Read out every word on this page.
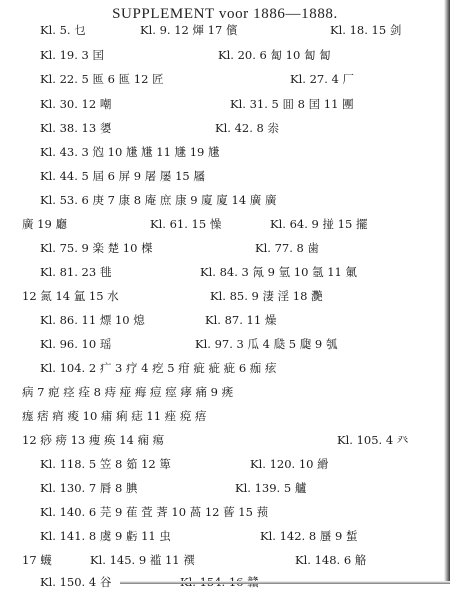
SUPPLEMENT voor 1886—1888.
Kl. 5. 乜	Kl. 9. 12 煇 17 儐	Kl. 18. 15 剑
Kl. 19. 3 囯	Kl. 20. 6 匐 10 匐 匐
Kl. 22. 5 匜 6 匜 12 匠	Kl. 27. 4 厂
Kl. 30. 12 嘲	Kl. 31. 5 囬 8 囯 11 團
Kl. 38. 13 嬃	Kl. 42. 8 尜
Kl. 43. 3 尦 10 尲 尲 11 尲 19 尲
Kl. 44. 5 屆 6 屏 9 屠 屡 15 屩
Kl. 53. 6 庚 7 康 8 庵 庶 康 9 廈 廈 14 廣 廣
廣 19 廳	Kl. 61. 15 懆	Kl. 64. 9 掽 15 擺
Kl. 75. 9 楽 楚 10 榤	Kl. 77. 8 歯
Kl. 81. 23 毴	Kl. 84. 3 氝 9 氫 10 氬 11 氭
12 氮 14 氳 15 水	Kl. 85. 9 淒 淫 18 灧
Kl. 86. 11 熛 10 熄	Kl. 87. 11 燥
Kl. 96. 10 瑶	Kl. 97. 3 瓜 4 瓞 5 瓟 9 瓠
Kl. 104. 2 疒 3 疗 4 疙 5 疳 疵 疵 疵 6 痂 痃
病 7 痆 痉 痊 8 痔 痖 痗 痘 痙 痚 痛 9 痜
痝 痞 痟 痠 10 痡 痢 痣 11 痤 痥 痦
12 痧 痨 13 痩 痪 14 痫 痬	Kl. 105. 4 癶
Kl. 118. 5 笠 8 筎 12 箄	Kl. 120. 10 縎
Kl. 130. 7 脣 8 腆	Kl. 139. 5 艫
Kl. 140. 6 芫 9 萑 萓 萕 10 萵 12 蒈 15 蓣
Kl. 141. 8 虞 9 虧 11 虫	Kl. 142. 8 蜃 9 蜤
17 蠛	Kl. 145. 9 褴 11 襈	Kl. 148. 6 觡
Kl. 150. 4 谷
